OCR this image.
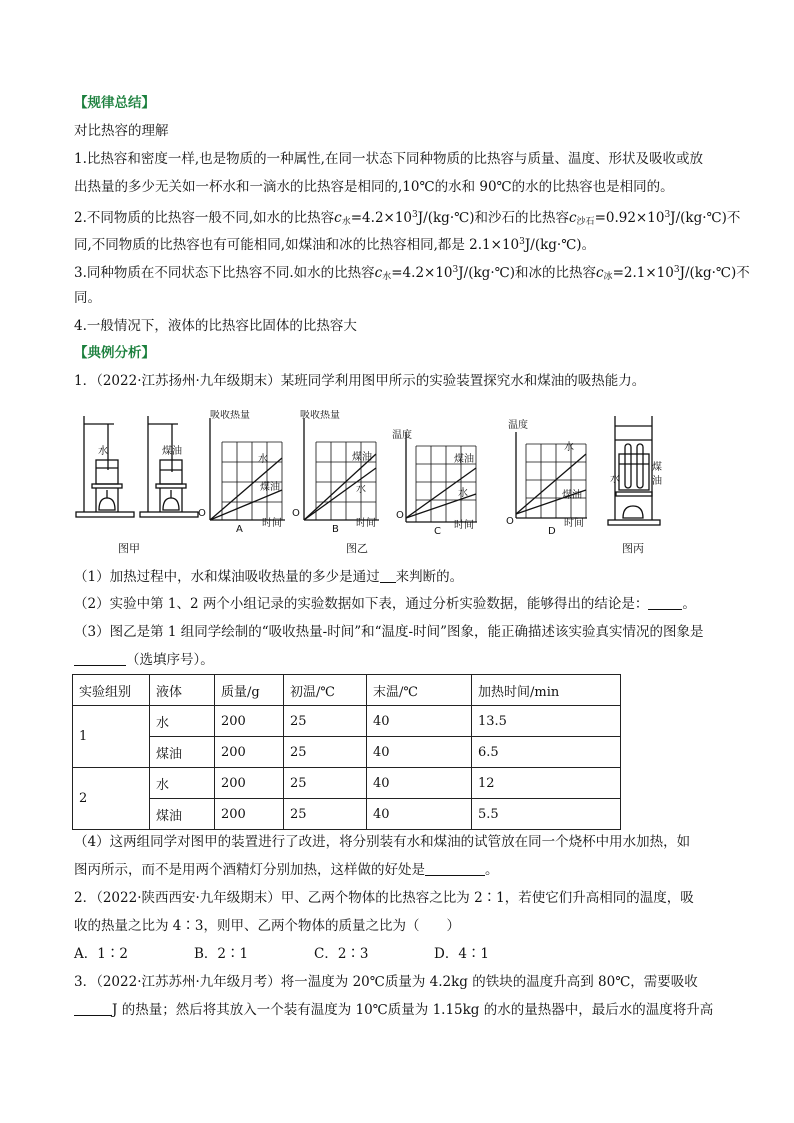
【规律总结】
对比热容的理解
1.比热容和密度一样,也是物质的一种属性,在同一状态下同种物质的比热容与质量、温度、形状及吸收或放
出热量的多少无关如一杯水和一滴水的比热容是相同的,10℃的水和 90℃的水的比热容也是相同的。
2.不同物质的比热容一般不同,如水的比热容$c_水=4.2\times 10^3J/(kg\cdot℃)$和沙石的比热容$c_{沙石}=0.92\times 10^3J/(kg\cdot℃)$不
同,不同物质的比热容也有可能相同,如煤油和冰的比热容相同,都是 $2.1\times 10^3J/(kg\cdot℃)$。
3.同种物质在不同状态下比热容不同.如水的比热容$c_水=4.2\times 10^3J/(kg\cdot℃)$和冰的比热容$c_冰=2.1\times 10^3J/(kg\cdot℃)$不
同。
4.一般情况下，液体的比热容比固体的比热容大
【典例分析】
1．（2022·江苏扬州·九年级期末）某班同学利用图甲所示的实验装置探究水和煤油的吸热能力。
水	煤油
吸收热量
水
煤油
O
A
时间
吸收热量
煤油
水
O
B
时间
温度
煤油
水
O
C
时间
温度
水
煤油
O
D
时间
水
煤
油
图甲	图乙	图丙
（1）加热过程中，水和煤油吸收热量的多少是通过 来判断的。
（2）实验中第 1、2 两个小组记录的实验数据如下表，通过分析实验数据，能够得出的结论是：	。
（3）图乙是第 1 组同学绘制的“吸收热量-时间”和“温度-时间”图象，能正确描述该实验真实情况的图象是
（选填序号）。
实验组别	液体	质量/g	初温/℃	末温/℃	加热时间/min
1	水	200	25	40	13.5
	煤油	200	25	40	6.5
2	水	200	25	40	12
	煤油	200	25	40	5.5
（4）这两组同学对图甲的装置进行了改进，将分别装有水和煤油的试管放在同一个烧杯中用水加热，如
图丙所示，而不是用两个酒精灯分别加热，这样做的好处是	。
2．（2022·陕西西安·九年级期末）甲、乙两个物体的比热容之比为 2∶1，若使它们升高相同的温度，吸
收的热量之比为 4∶3，则甲、乙两个物体的质量之比为（　　）
A．1∶2	B．2∶1	C．2∶3	D．4∶1
3．（2022·江苏苏州·九年级月考）将一温度为 20℃质量为 4.2kg 的铁块的温度升高到 80℃，需要吸收
J 的热量；然后将其放入一个装有温度为 10℃质量为 1.15kg 的水的量热器中，最后水的温度将升高
